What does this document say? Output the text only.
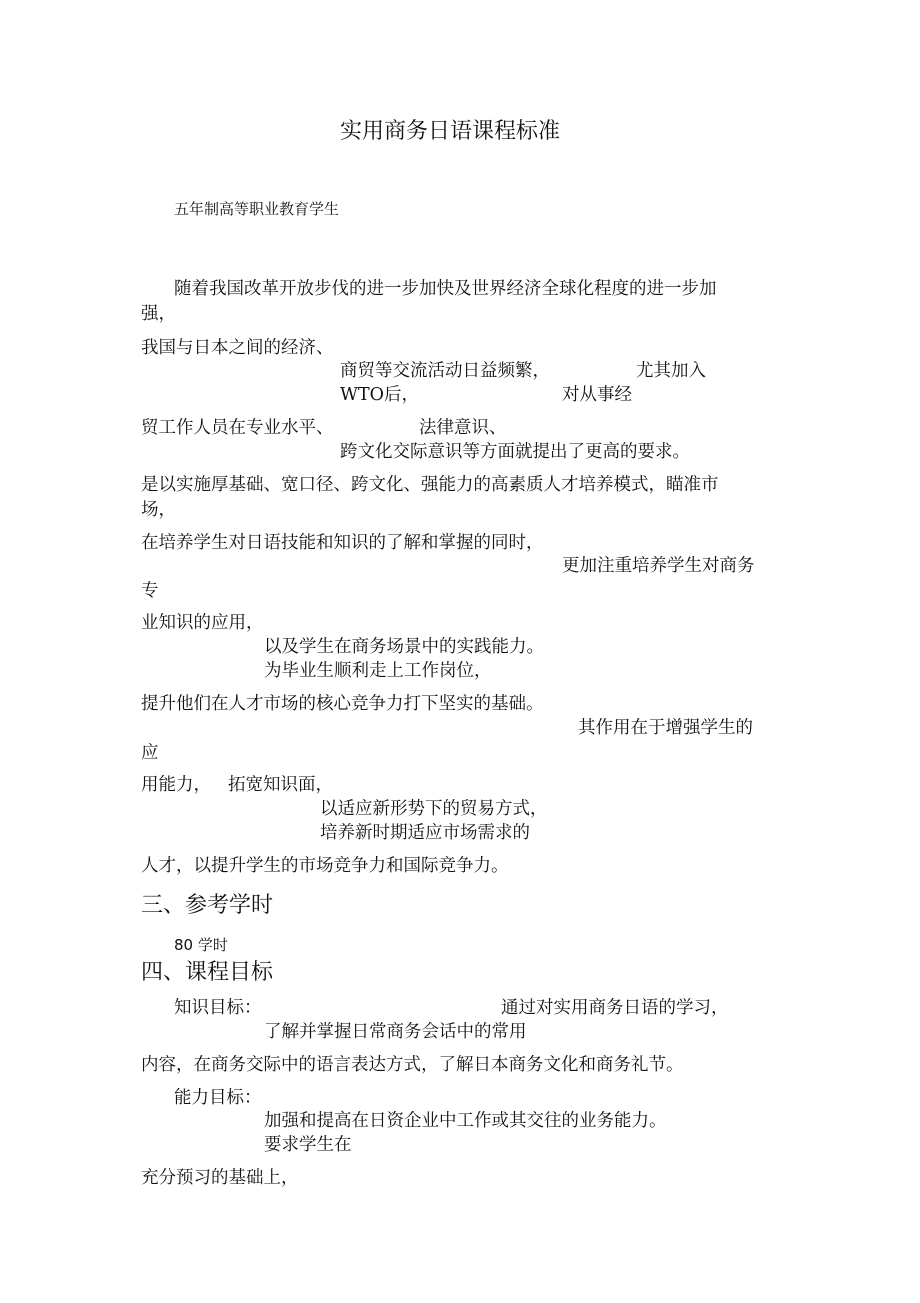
实用商务日语课程标准
五年制高等职业教育学生
随着我国改革开放步伐的进一步加快及世界经济全球化程度的进一步加
强，
我国与日本之间的经济、
商贸等交流活动日益频繁，	尤其加入
WTO后，	对从事经
贸工作人员在专业水平、	法律意识、
跨文化交际意识等方面就提出了更高的要求。
是以实施厚基础、宽口径、跨文化、强能力的高素质人才培养模式，瞄准市
场，
在培养学生对日语技能和知识的了解和掌握的同时，
更加注重培养学生对商务
专
业知识的应用，
以及学生在商务场景中的实践能力。
为毕业生顺利走上工作岗位，
提升他们在人才市场的核心竞争力打下坚实的基础。
其作用在于增强学生的
应
用能力， 拓宽知识面，
以适应新形势下的贸易方式，
培养新时期适应市场需求的
人才，以提升学生的市场竞争力和国际竞争力。
三、参考学时
80 学时
四、课程目标
知识目标：	通过对实用商务日语的学习，
了解并掌握日常商务会话中的常用
内容，在商务交际中的语言表达方式，了解日本商务文化和商务礼节。
能力目标：
加强和提高在日资企业中工作或其交往的业务能力。
要求学生在
充分预习的基础上，
